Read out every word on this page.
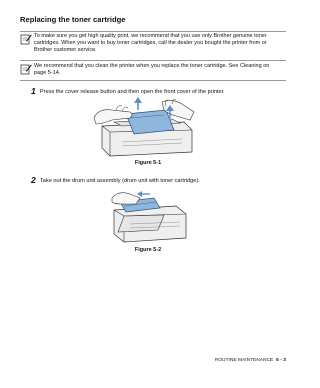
Replacing the toner cartridge
To make sure you get high quality print, we recommend that you use only Brother genuine toner cartridges. When you want to buy toner cartridges, call the dealer you bought the printer from or Brother customer service.
We recommend that you clean the printer when you replace the toner cartridge. See Cleaning on page 5-14.
1 Press the cover release button and then open the front cover of the printer.
Figure 5-1
2 Take out the drum unit assembly (drum unit with toner cartridge).
Figure 5-2
ROUTINE MAINTENANCE 5 - 3
